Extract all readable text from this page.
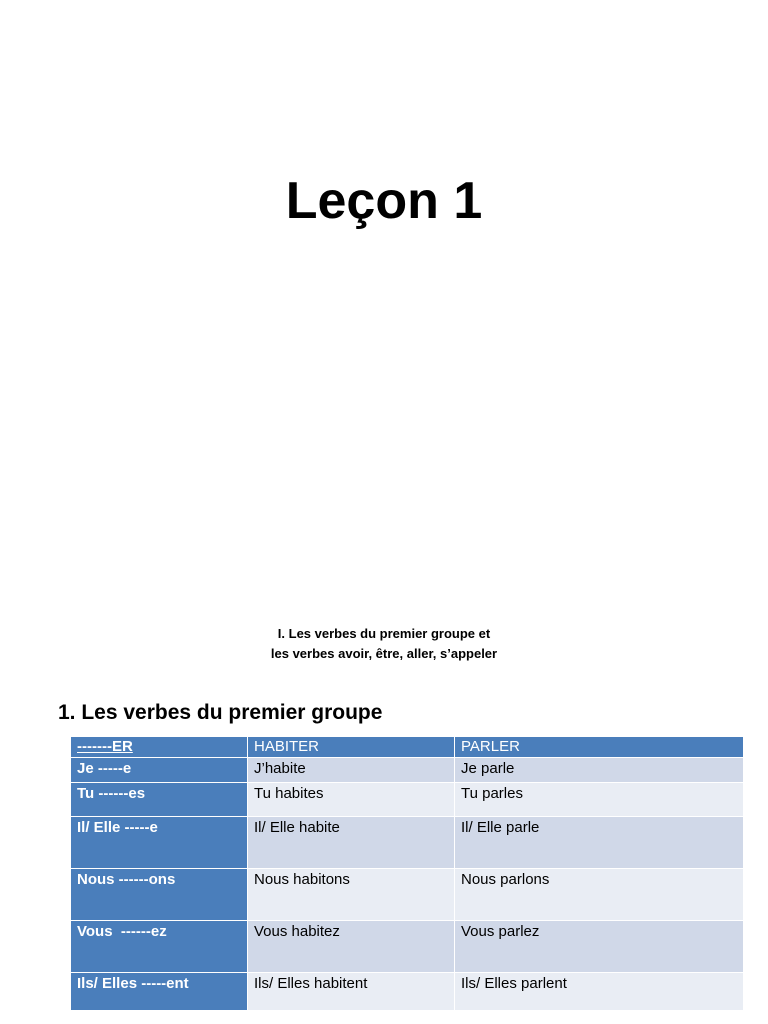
Leçon 1
I. Les verbes du premier groupe et
les verbes avoir, être, aller, s’appeler
1. Les verbes du premier groupe
-------ER	HABITER	PARLER
Je -----e	J’habite	Je parle
Tu ------es	Tu habites	Tu parles
Il/ Elle -----e	Il/ Elle habite	Il/ Elle parle
Nous ------ons	Nous habitons	Nous parlons
Vous  ------ez	Vous habitez	Vous parlez
Ils/ Elles -----ent	Ils/ Elles habitent	Ils/ Elles parlent
